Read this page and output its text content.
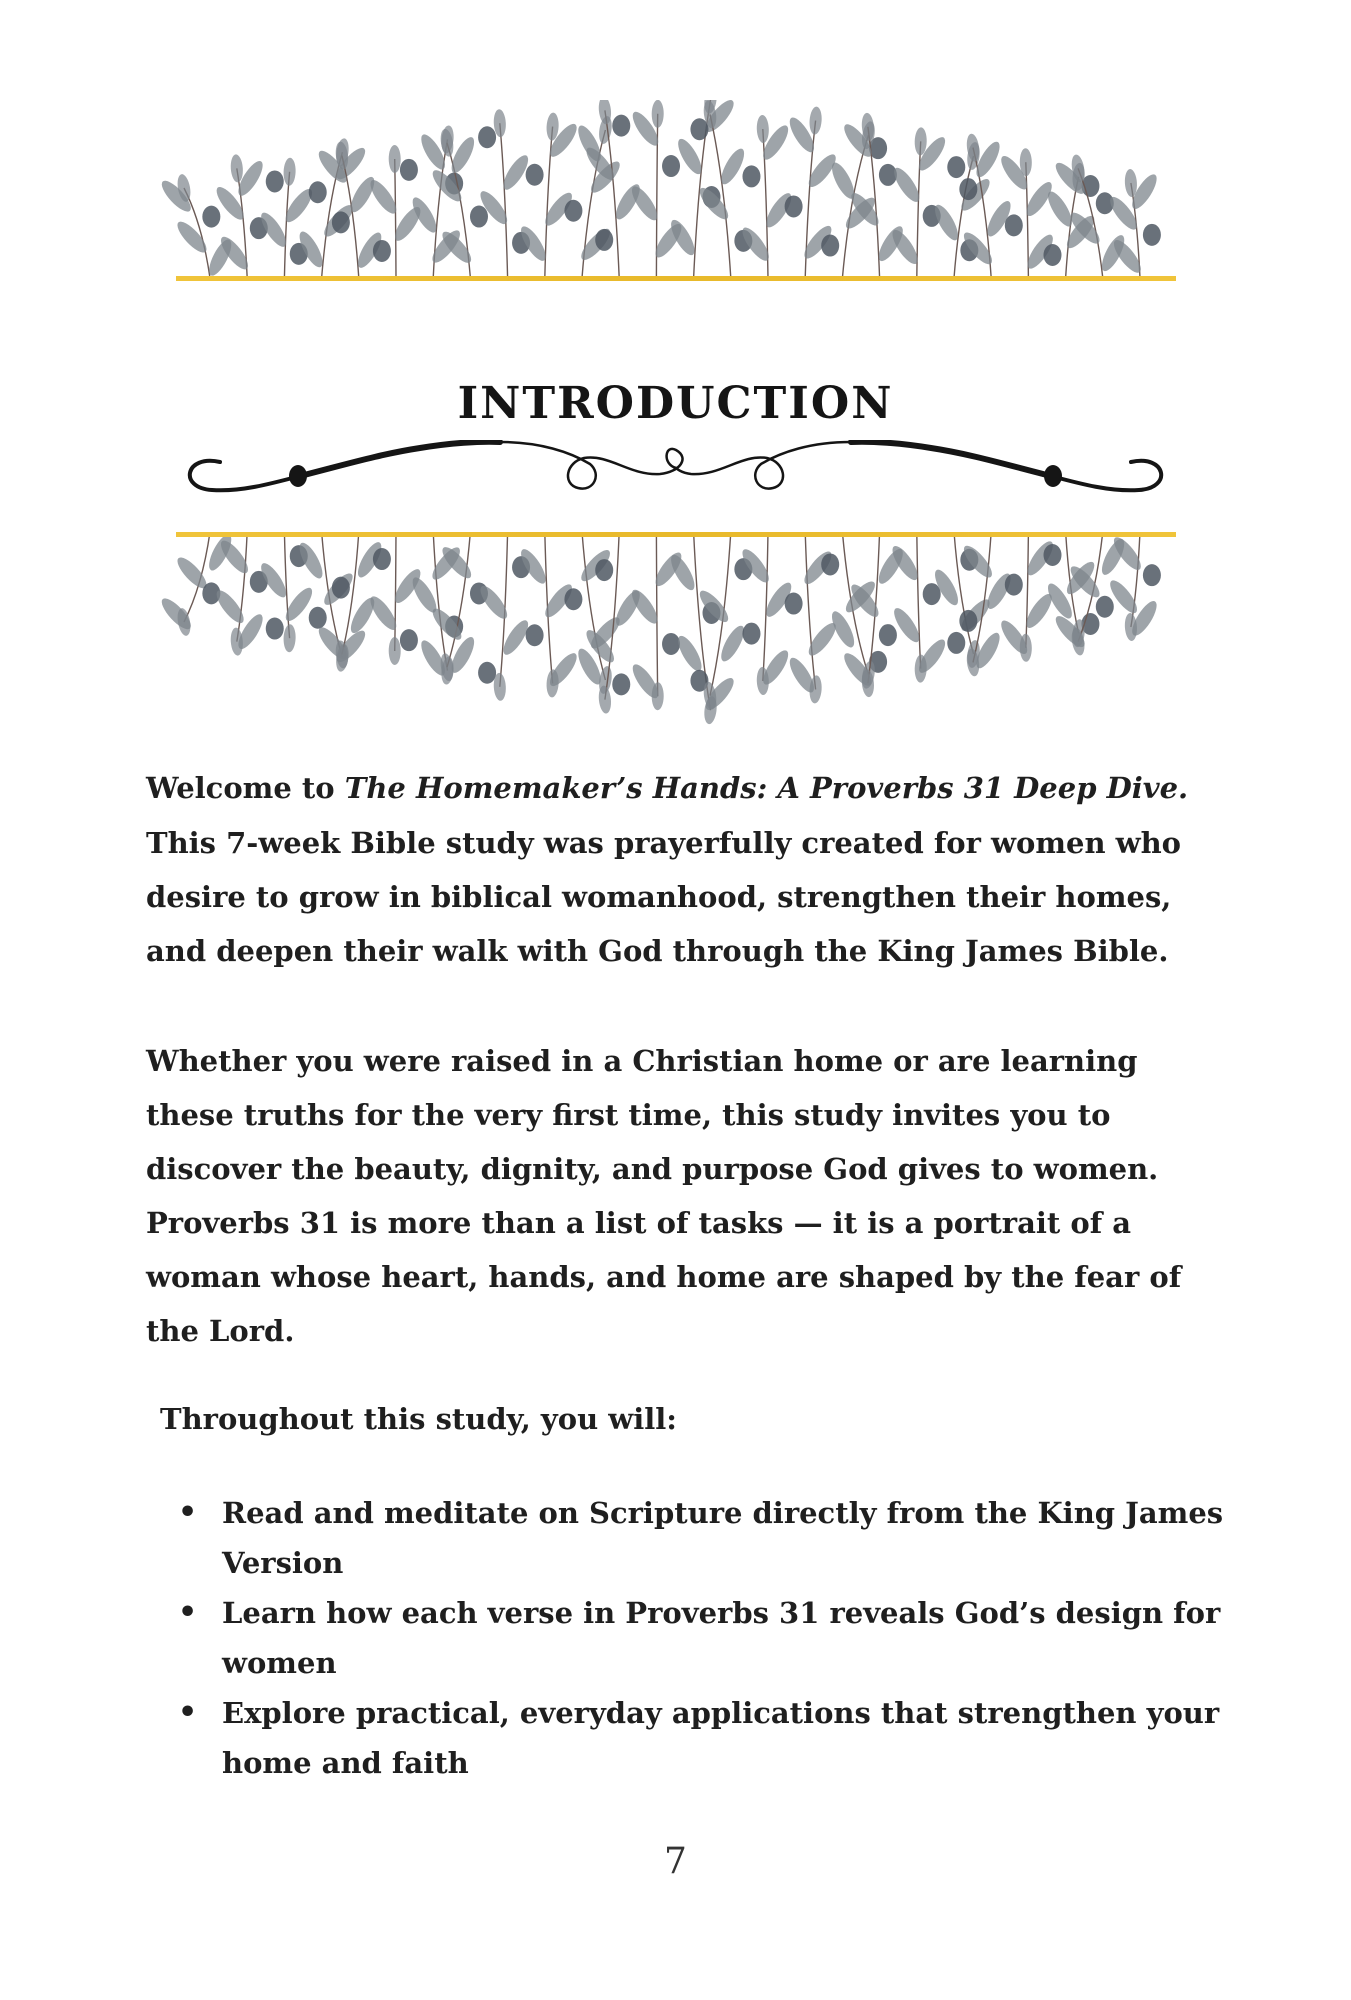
INTRODUCTION

Welcome to The Homemaker’s Hands: A Proverbs 31 Deep Dive.

This 7-week Bible study was prayerfully created for women who desire to grow in biblical womanhood, strengthen their homes, and deepen their walk with God through the King James Bible.

Whether you were raised in a Christian home or are learning these truths for the very first time, this study invites you to discover the beauty, dignity, and purpose God gives to women. Proverbs 31 is more than a list of tasks — it is a portrait of a woman whose heart, hands, and home are shaped by the fear of the Lord.

Throughout this study, you will:

• Read and meditate on Scripture directly from the King James Version
• Learn how each verse in Proverbs 31 reveals God’s design for women
• Explore practical, everyday applications that strengthen your home and faith

7
